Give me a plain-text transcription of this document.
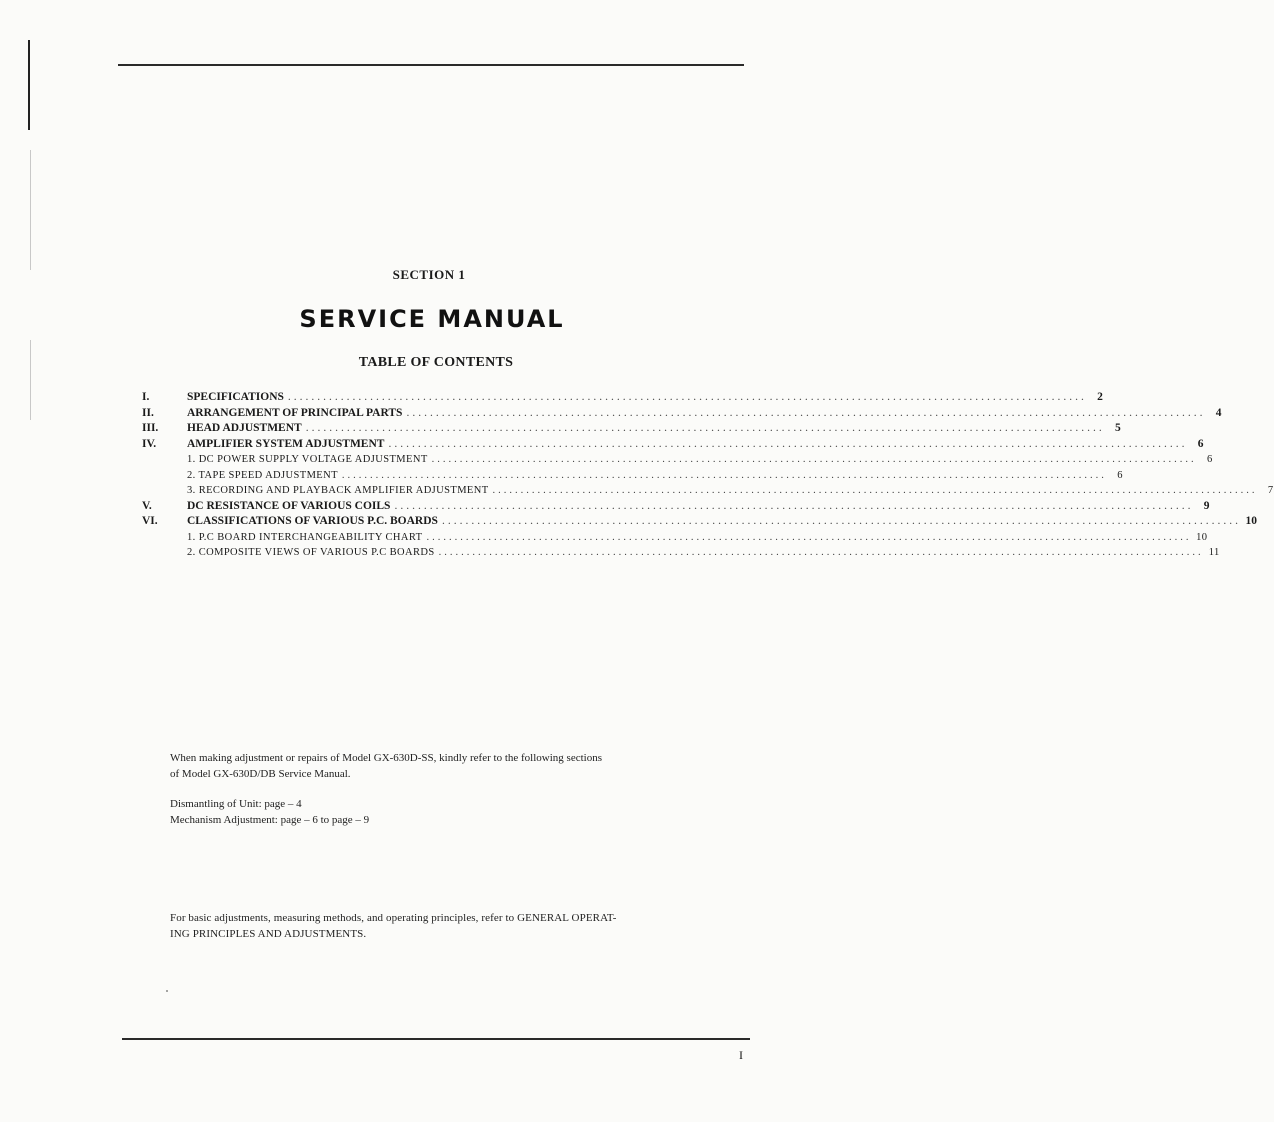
SECTION 1
SERVICE MANUAL
TABLE OF CONTENTS
I.	SPECIFICATIONS ........................................................................................................................................ 2
II.	ARRANGEMENT OF PRINCIPAL PARTS ........................................................................................................................................ 4
III.	HEAD ADJUSTMENT ........................................................................................................................................ 5
IV.	AMPLIFIER SYSTEM ADJUSTMENT ........................................................................................................................................ 6
1. DC POWER SUPPLY VOLTAGE ADJUSTMENT ........................................................................................................................................ 6
2. TAPE SPEED ADJUSTMENT ........................................................................................................................................ 6
3. RECORDING AND PLAYBACK AMPLIFIER ADJUSTMENT ........................................................................................................................................ 7
V.	DC RESISTANCE OF VARIOUS COILS ........................................................................................................................................ 9
VI.	CLASSIFICATIONS OF VARIOUS P.C. BOARDS ........................................................................................................................................ 10
1. P.C BOARD INTERCHANGEABILITY CHART ........................................................................................................................................ 10
2. COMPOSITE VIEWS OF VARIOUS P.C BOARDS ........................................................................................................................................ 11

When making adjustment or repairs of Model GX-630D-SS, kindly refer to the following sections

of Model GX-630D/DB Service Manual.

Dismantling of Unit: page – 4

Mechanism Adjustment: page – 6 to page – 9

For basic adjustments, measuring methods, and operating principles, refer to GENERAL OPERAT-

ING PRINCIPLES AND ADJUSTMENTS.

I
